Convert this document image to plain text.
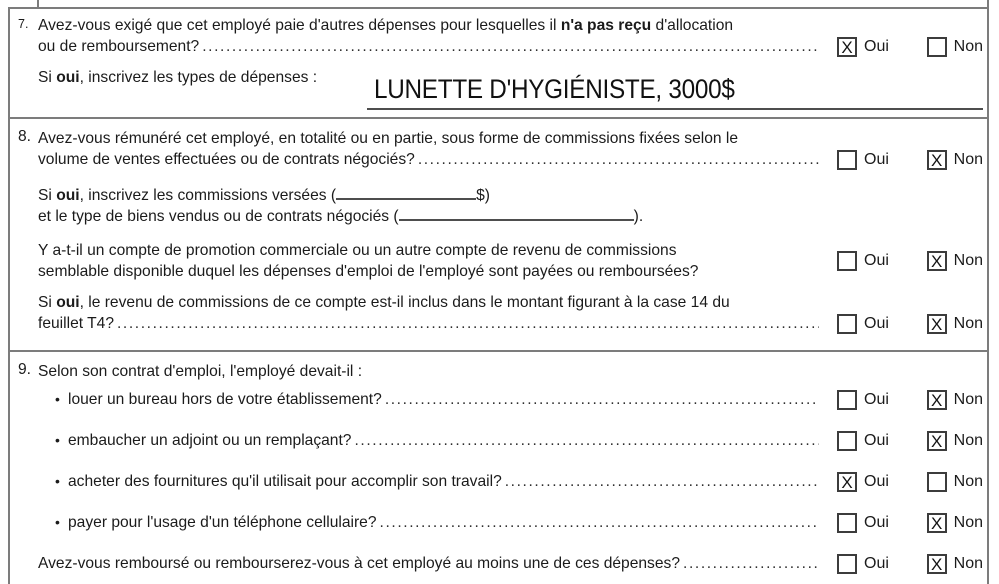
7. Avez-vous exigé que cet employé paie d'autres dépenses pour lesquelles il n'a pas reçu d'allocation
ou de remboursement? .....	X Oui	Non
Si oui, inscrivez les types de dépenses : LUNETTE D'HYGIÉNISTE, 3000$
8. Avez-vous rémunéré cet employé, en totalité ou en partie, sous forme de commissions fixées selon le
volume de ventes effectuées ou de contrats négociés? .....	Oui X Non
Si oui, inscrivez les commissions versées (	$)
et le type de biens vendus ou de contrats négociés (	).
Y a-t-il un compte de promotion commerciale ou un autre compte de revenu de commissions
semblable disponible duquel les dépenses d'emploi de l'employé sont payées ou remboursées?
Oui X Non
Si oui, le revenu de commissions de ce compte est-il inclus dans le montant figurant à la case 14 du
feuillet T4? .....	Oui X Non
9. Selon son contrat d'emploi, l'employé devait-il :
•
louer un bureau hors de votre établissement? .....	Oui X Non
•
embaucher un adjoint ou un remplaçant? .....	Oui X Non
•
acheter des fournitures qu'il utilisait pour accomplir son travail? .....	X Oui	Non
•
payer pour l'usage d'un téléphone cellulaire? .....	Oui X Non
Avez-vous remboursé ou rembourserez-vous à cet employé au moins une de ces dépenses? .....	Oui X Non
